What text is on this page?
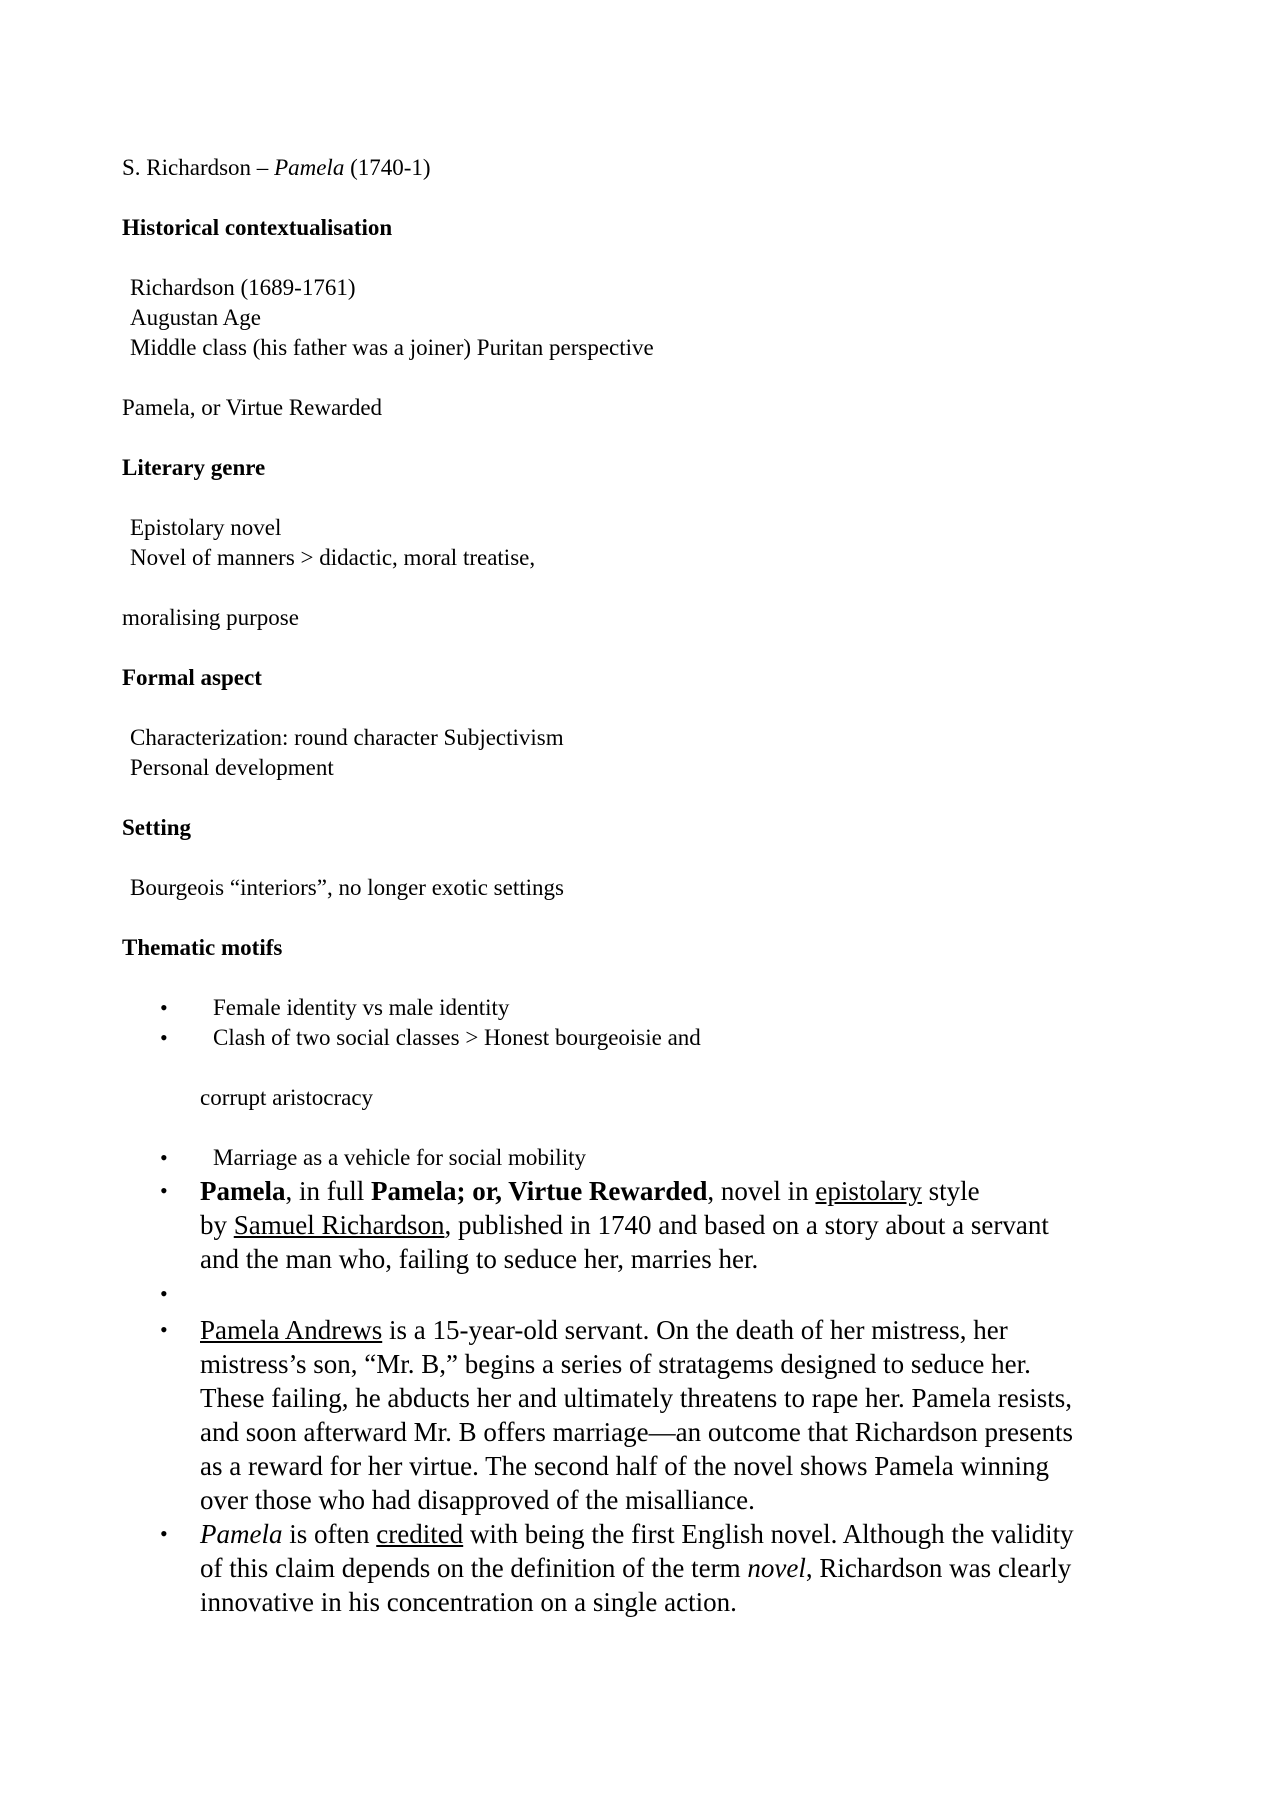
S. Richardson – Pamela (1740-1)
Historical contextualisation
Richardson (1689-1761)
Augustan Age
Middle class (his father was a joiner) Puritan perspective
Pamela, or Virtue Rewarded
Literary genre
Epistolary novel
Novel of manners > didactic, moral treatise,
moralising purpose
Formal aspect
Characterization: round character Subjectivism
Personal development
Setting
Bourgeois “interiors”, no longer exotic settings
Thematic motifs
• Female identity vs male identity
• Clash of two social classes > Honest bourgeoisie and
corrupt aristocracy
• Marriage as a vehicle for social mobility
• Pamela, in full Pamela; or, Virtue Rewarded, novel in epistolary style
by Samuel Richardson, published in 1740 and based on a story about a servant
and the man who, failing to seduce her, marries her.
•
• Pamela Andrews is a 15-year-old servant. On the death of her mistress, her
mistress’s son, “Mr. B,” begins a series of stratagems designed to seduce her.
These failing, he abducts her and ultimately threatens to rape her. Pamela resists,
and soon afterward Mr. B offers marriage—an outcome that Richardson presents
as a reward for her virtue. The second half of the novel shows Pamela winning
over those who had disapproved of the misalliance.
• Pamela is often credited with being the first English novel. Although the validity
of this claim depends on the definition of the term novel, Richardson was clearly
innovative in his concentration on a single action.
